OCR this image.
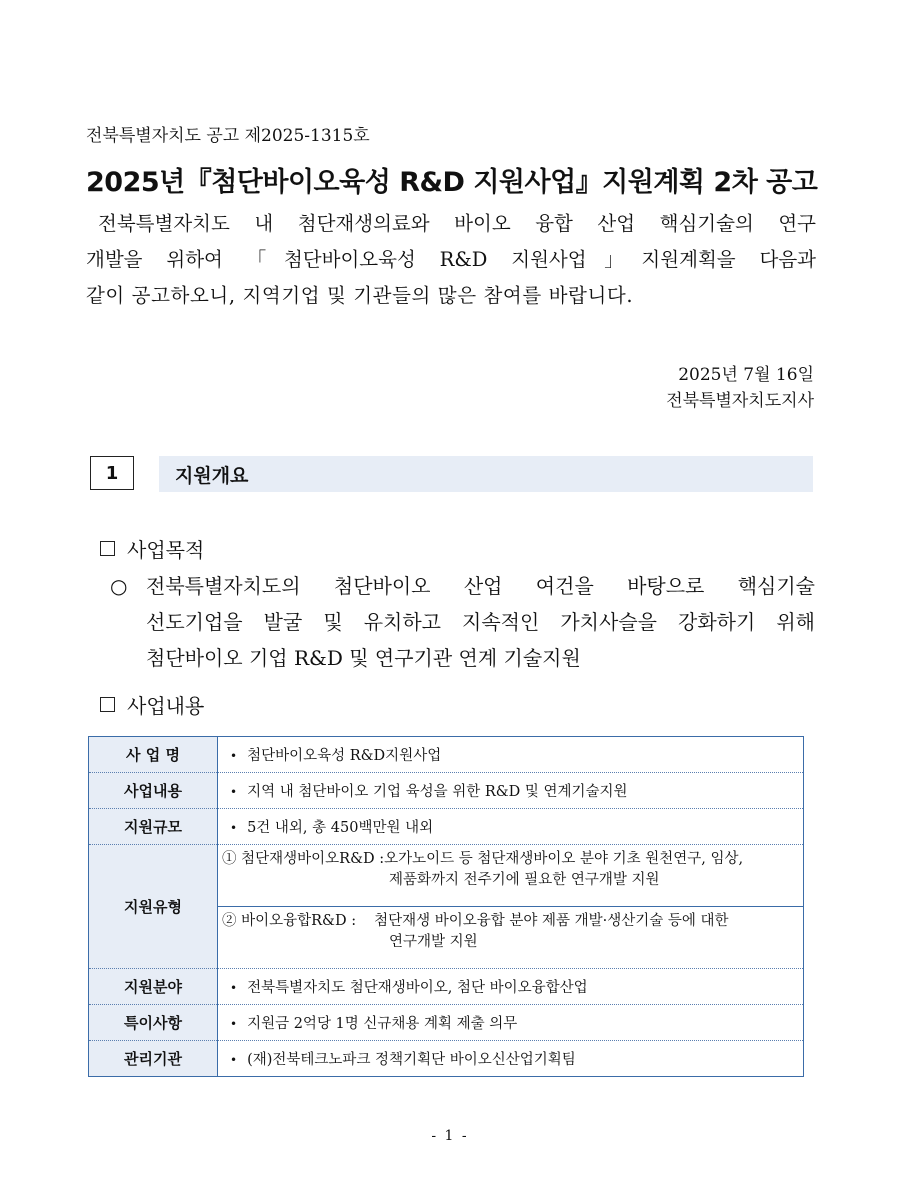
전북특별자치도 공고 제2025-1315호
2025년『첨단바이오육성 R&D 지원사업』지원계획 2차 공고

전북특별자치도 내 첨단재생의료와 바이오 융합 산업 핵심기술의 연구

개발을 위하여 「첨단바이오육성 R&D 지원사업」지원계획을 다음과

같이 공고하오니, 지역기업 및 기관들의 많은 참여를 바랍니다.

2025년 7월 16일
전북특별자치도지사
1	지원개요
사업목적
○ 전북특별자치도의 첨단바이오 산업 여건을 바탕으로 핵심기술
선도기업을 발굴 및 유치하고 지속적인 가치사슬을 강화하기 위해
첨단바이오 기업 R&D 및 연구기관 연계 기술지원
사업내용
사 업 명	• 첨단바이오육성 R&D지원사업
사업내용	• 지역 내 첨단바이오 기업 육성을 위한 R&D 및 연계기술지원
지원규모	• 5건 내외, 총 450백만원 내외
지원유형	① 첨단재생바이오R&D :오가노이드 등 첨단재생바이오 분야 기초 원천연구, 임상,
제품화까지 전주기에 필요한 연구개발 지원
② 바이오융합R&D : 첨단재생 바이오융합 분야 제품 개발·생산기술 등에 대한
연구개발 지원

지원분야	• 전북특별자치도 첨단재생바이오, 첨단 바이오융합산업
특이사항	• 지원금 2억당 1명 신규채용 계획 제출 의무
관리기관	• (재)전북테크노파크 정책기획단 바이오신산업기획팀
- 1 -
